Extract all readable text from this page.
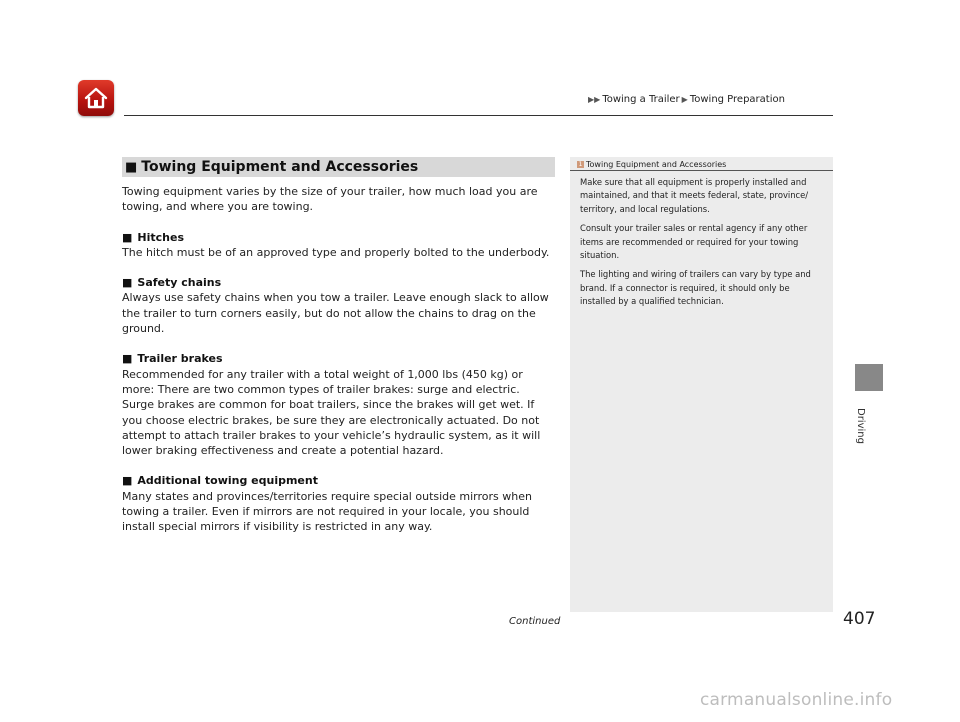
▶▶ Towing a Trailer ▶ Towing Preparation
■ Towing Equipment and Accessories

Towing equipment varies by the size of your trailer, how much load you are towing, and where you are towing.

■ Hitches

The hitch must be of an approved type and properly bolted to the underbody.

■ Safety chains

Always use safety chains when you tow a trailer. Leave enough slack to allow the trailer to turn corners easily, but do not allow the chains to drag on the ground.

■ Trailer brakes

Recommended for any trailer with a total weight of 1,000 lbs (450 kg) or more: There are two common types of trailer brakes: surge and electric. Surge brakes are common for boat trailers, since the brakes will get wet. If you choose electric brakes, be sure they are electronically actuated. Do not attempt to attach trailer brakes to your vehicle’s hydraulic system, as it will lower braking effectiveness and create a potential hazard.

■ Additional towing equipment

Many states and provinces/territories require special outside mirrors when towing a trailer. Even if mirrors are not required in your locale, you should install special mirrors if visibility is restricted in any way.

1 Towing Equipment and Accessories

Make sure that all equipment is properly installed and maintained, and that it meets federal, state, province/ territory, and local regulations.

Consult your trailer sales or rental agency if any other items are recommended or required for your towing situation.

The lighting and wiring of trailers can vary by type and brand. If a connector is required, it should only be installed by a qualified technician.

Driving
Continued	407
carmanualsonline.info
